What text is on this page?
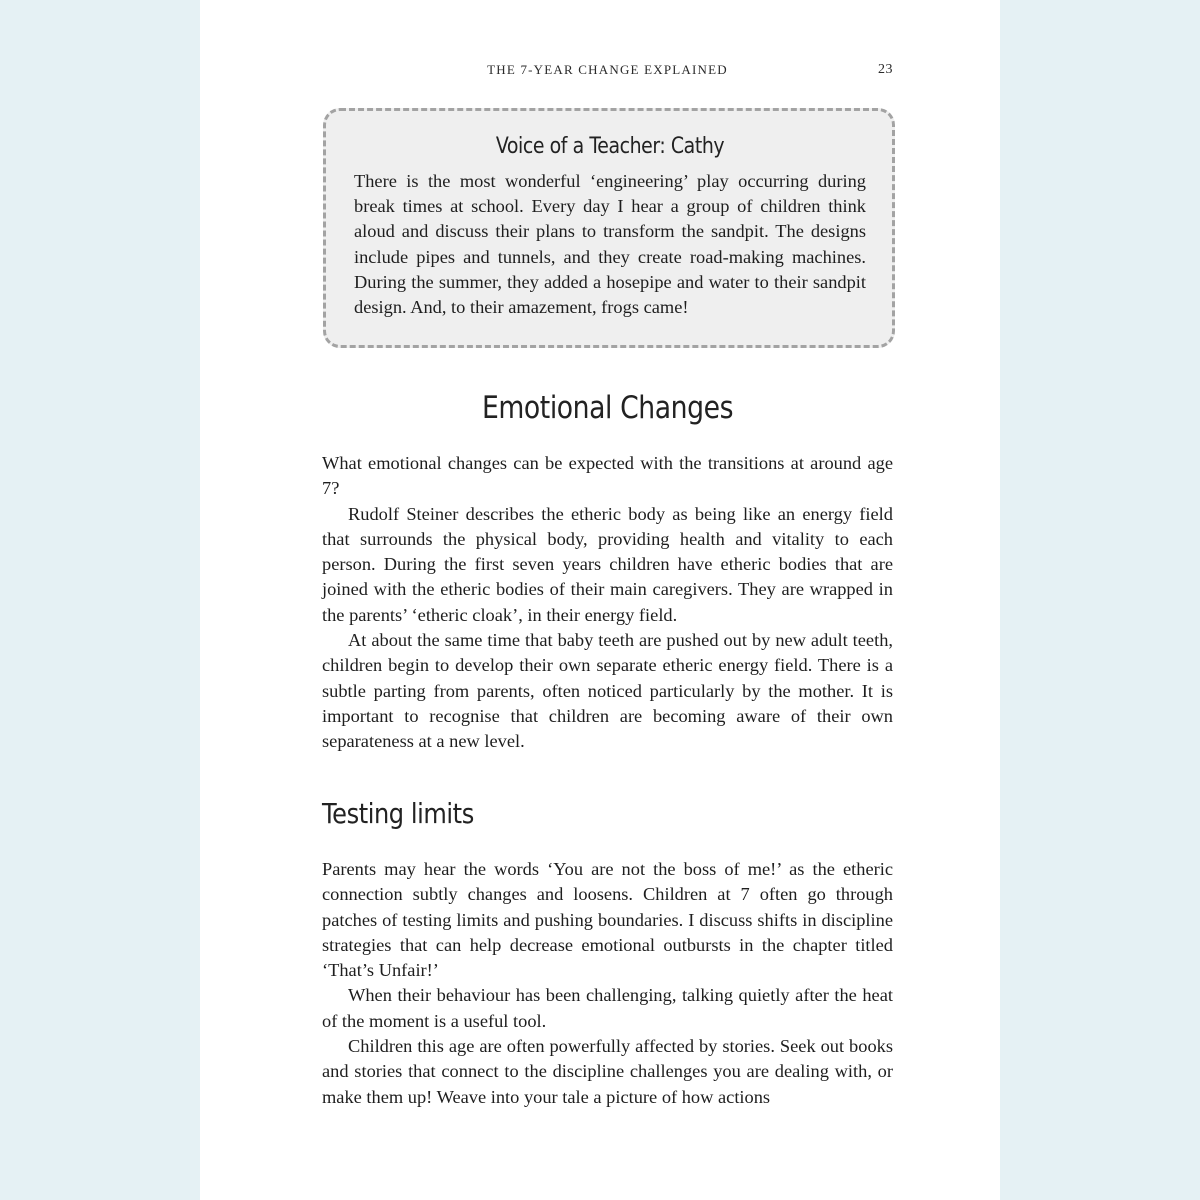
THE 7-YEAR CHANGE EXPLAINED	23
Voice of a Teacher: Cathy

There is the most wonderful ‘engineering’ play occurring during break times at school. Every day I hear a group of children think aloud and discuss their plans to transform the sandpit. The designs include pipes and tunnels, and they create road-making machines. During the summer, they added a hosepipe and water to their sandpit design. And, to their amazement, frogs came!

Emotional Changes

What emotional changes can be expected with the transitions at around age 7?

Rudolf Steiner describes the etheric body as being like an energy field that surrounds the physical body, providing health and vitality to each person. During the first seven years children have etheric bodies that are joined with the etheric bodies of their main caregivers. They are wrapped in the parents’ ‘etheric cloak’, in their energy field.

At about the same time that baby teeth are pushed out by new adult teeth, children begin to develop their own separate etheric energy field. There is a subtle parting from parents, often noticed particularly by the mother. It is important to recognise that children are becoming aware of their own separateness at a new level.

Testing limits

Parents may hear the words ‘You are not the boss of me!’ as the etheric connection subtly changes and loosens. Children at 7 often go through patches of testing limits and pushing boundaries. I discuss shifts in discipline strategies that can help decrease emotional outbursts in the chapter titled ‘That’s Unfair!’

When their behaviour has been challenging, talking quietly after the heat of the moment is a useful tool.

Children this age are often powerfully affected by stories. Seek out books and stories that connect to the discipline challenges you are dealing with, or make them up! Weave into your tale a picture of how actions
